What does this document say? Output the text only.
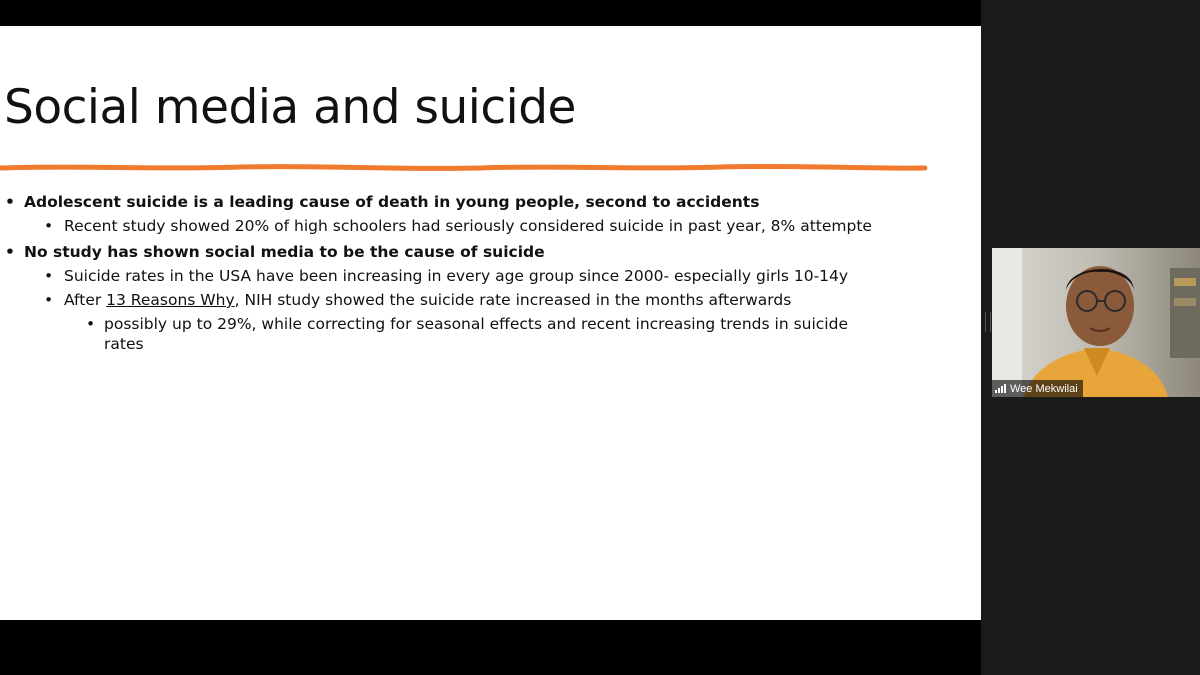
Social media and suicide
• Adolescent suicide is a leading cause of death in young people, second to accidents
• Recent study showed 20% of high schoolers had seriously considered suicide in past year, 8% attempte
• No study has shown social media to be the cause of suicide
• Suicide rates in the USA have been increasing in every age group since 2000- especially girls 10-14y
• After 13 Reasons Why, NIH study showed the suicide rate increased in the months afterwards
• possibly up to 29%, while correcting for seasonal effects and recent increasing trends in suicide rates
Wee Mekwilai
